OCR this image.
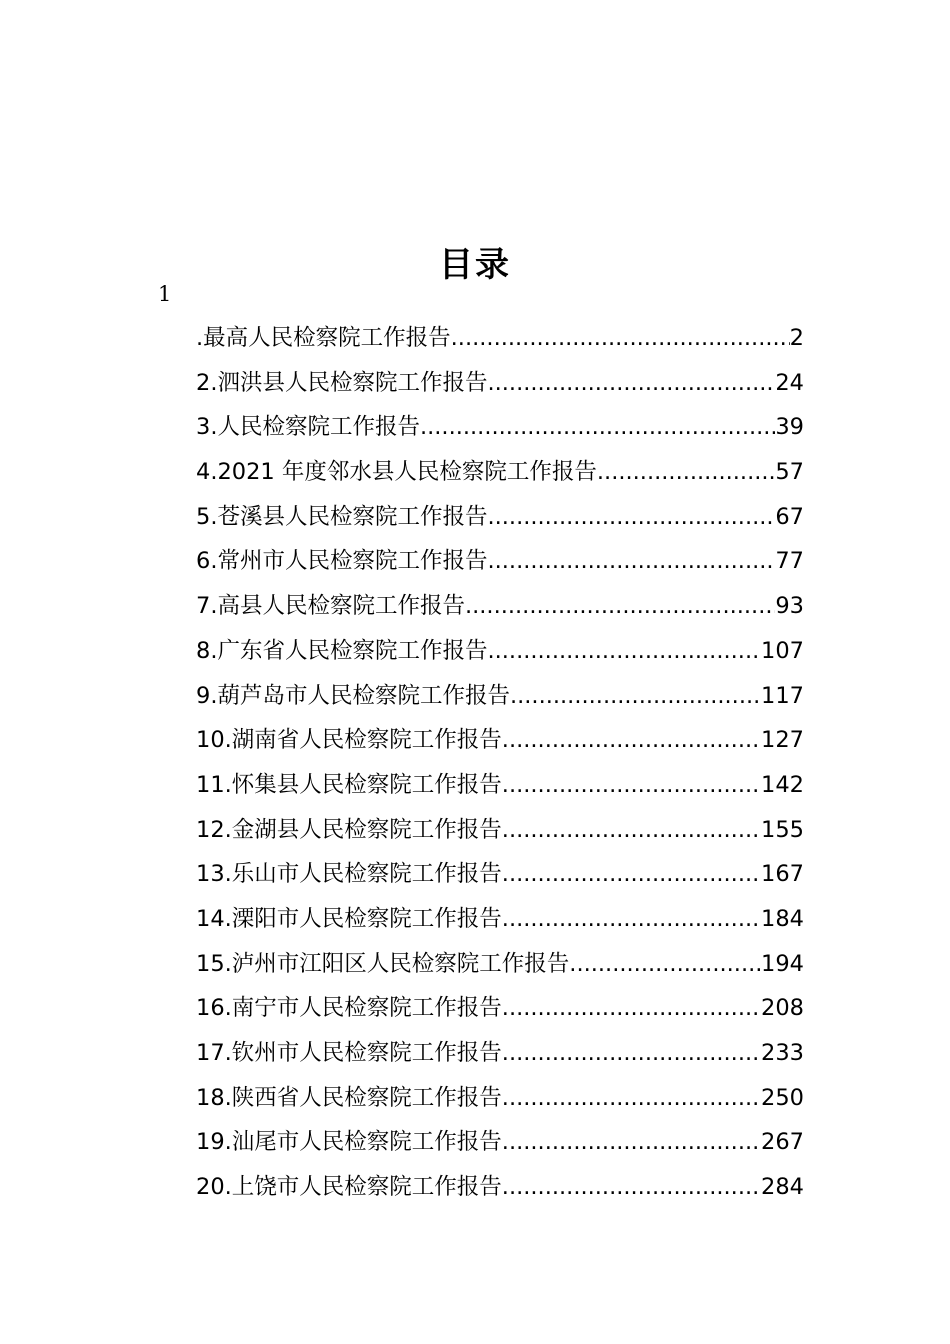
目录
1
.最高人民检察院工作报告 .....	2
2.泗洪县人民检察院工作报告 .....	24
3.人民检察院工作报告 .....	39
4.2021 年度邻水县人民检察院工作报告 .....	57
5.苍溪县人民检察院工作报告 .....	67
6.常州市人民检察院工作报告 .....	77
7.高县人民检察院工作报告 .....	93
8.广东省人民检察院工作报告 .....	107
9.葫芦岛市人民检察院工作报告 .....	117
10.湖南省人民检察院工作报告 .....	127
11.怀集县人民检察院工作报告 .....	142
12.金湖县人民检察院工作报告 .....	155
13.乐山市人民检察院工作报告 .....	167
14.溧阳市人民检察院工作报告 .....	184
15.泸州市江阳区人民检察院工作报告 .....	194
16.南宁市人民检察院工作报告 .....	208
17.钦州市人民检察院工作报告 .....	233
18.陕西省人民检察院工作报告 .....	250
19.汕尾市人民检察院工作报告 .....	267
20.上饶市人民检察院工作报告 .....	284
